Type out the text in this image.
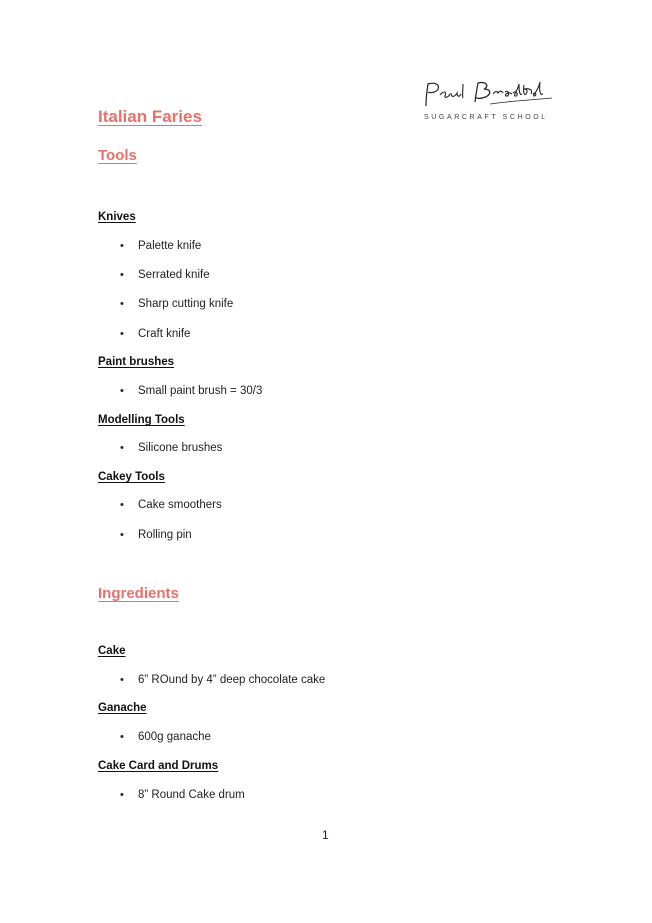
SUGARCRAFT SCHOOL
Italian Faries
Tools
Knives
• Palette knife
• Serrated knife
• Sharp cutting knife
• Craft knife
Paint brushes
• Small paint brush = 30/3
Modelling Tools
• Silicone brushes
Cakey Tools
• Cake smoothers
• Rolling pin
Ingredients
Cake
• 6” ROund by 4” deep chocolate cake
Ganache
• 600g ganache
Cake Card and Drums
• 8” Round Cake drum
1
